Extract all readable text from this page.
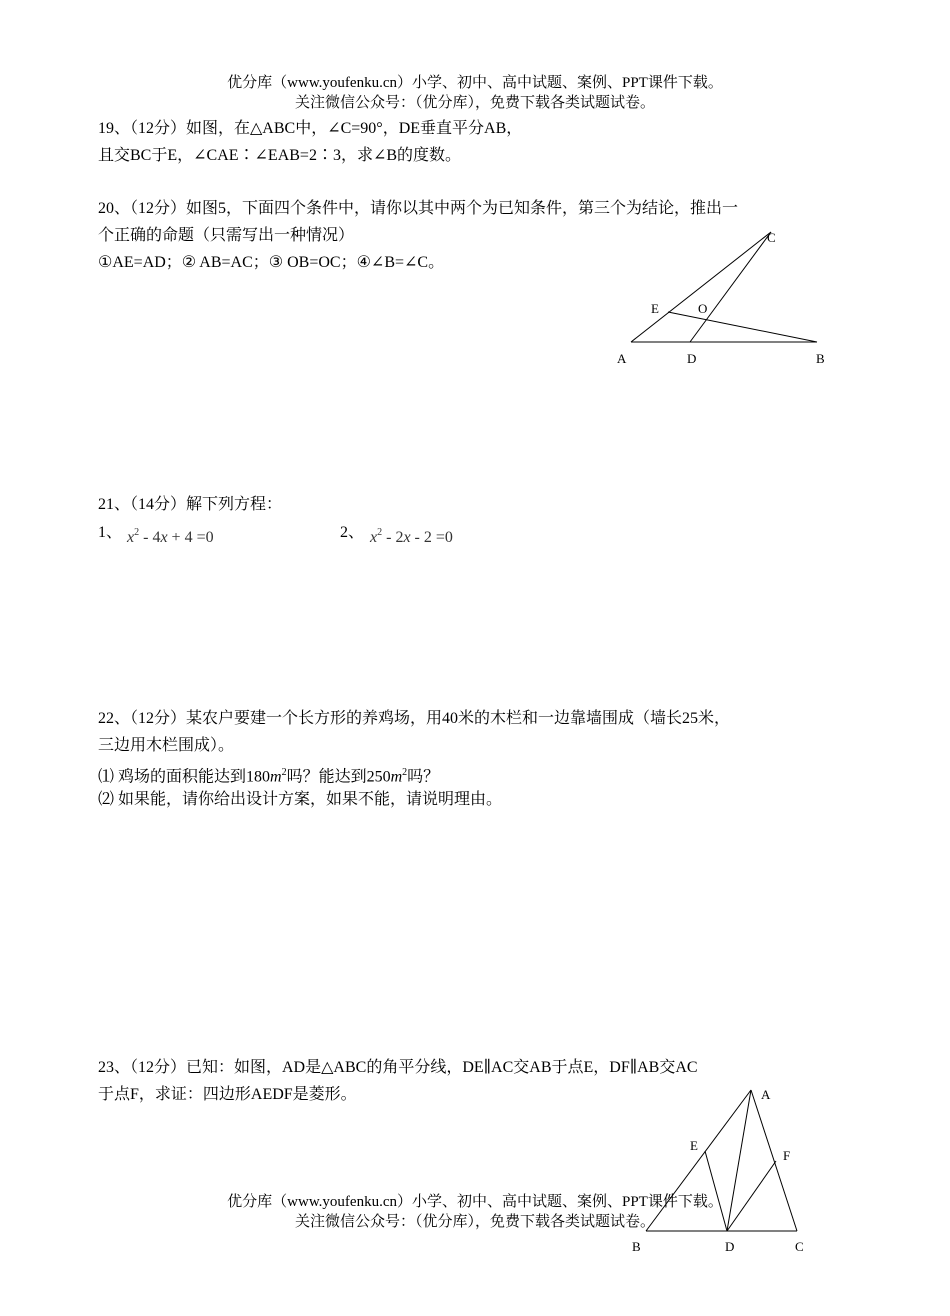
优分库（www.youfenku.cn）小学、初中、高中试题、案例、PPT课件下载。
关注微信公众号：（优分库），免费下载各类试题试卷。
19、（12分）如图，在△ABC中，∠C=90°，DE垂直平分AB，
且交BC于E，∠CAE∶∠EAB=2∶3，求∠B的度数。
20、（12分）如图5，下面四个条件中，请你以其中两个为已知条件，第三个为结论，推出一
个正确的命题（只需写出一种情况）
①AE=AD；② AB=AC；③ OB=OC；④∠B=∠C。
C
E	O
A	D	B
21、（14分）解下列方程：
1、 $x^2 - 4x + 4 =0$	2、 $x^2 - 2x - 2 =0$
22、（12分）某农户要建一个长方形的养鸡场，用40米的木栏和一边靠墙围成（墙长25米，
三边用木栏围成）。
⑴ 鸡场的面积能达到$180m^2$吗？能达到$250m^2$吗？
⑵ 如果能，请你给出设计方案，如果不能，请说明理由。
23、（12分）已知：如图，AD是△ABC的角平分线，DE∥AC交AB于点E，DF∥AB交AC
于点F，求证：四边形AEDF是菱形。	A
E
F
B	D	C
优分库（www.youfenku.cn）小学、初中、高中试题、案例、PPT课件下载。
关注微信公众号：（优分库），免费下载各类试题试卷。
